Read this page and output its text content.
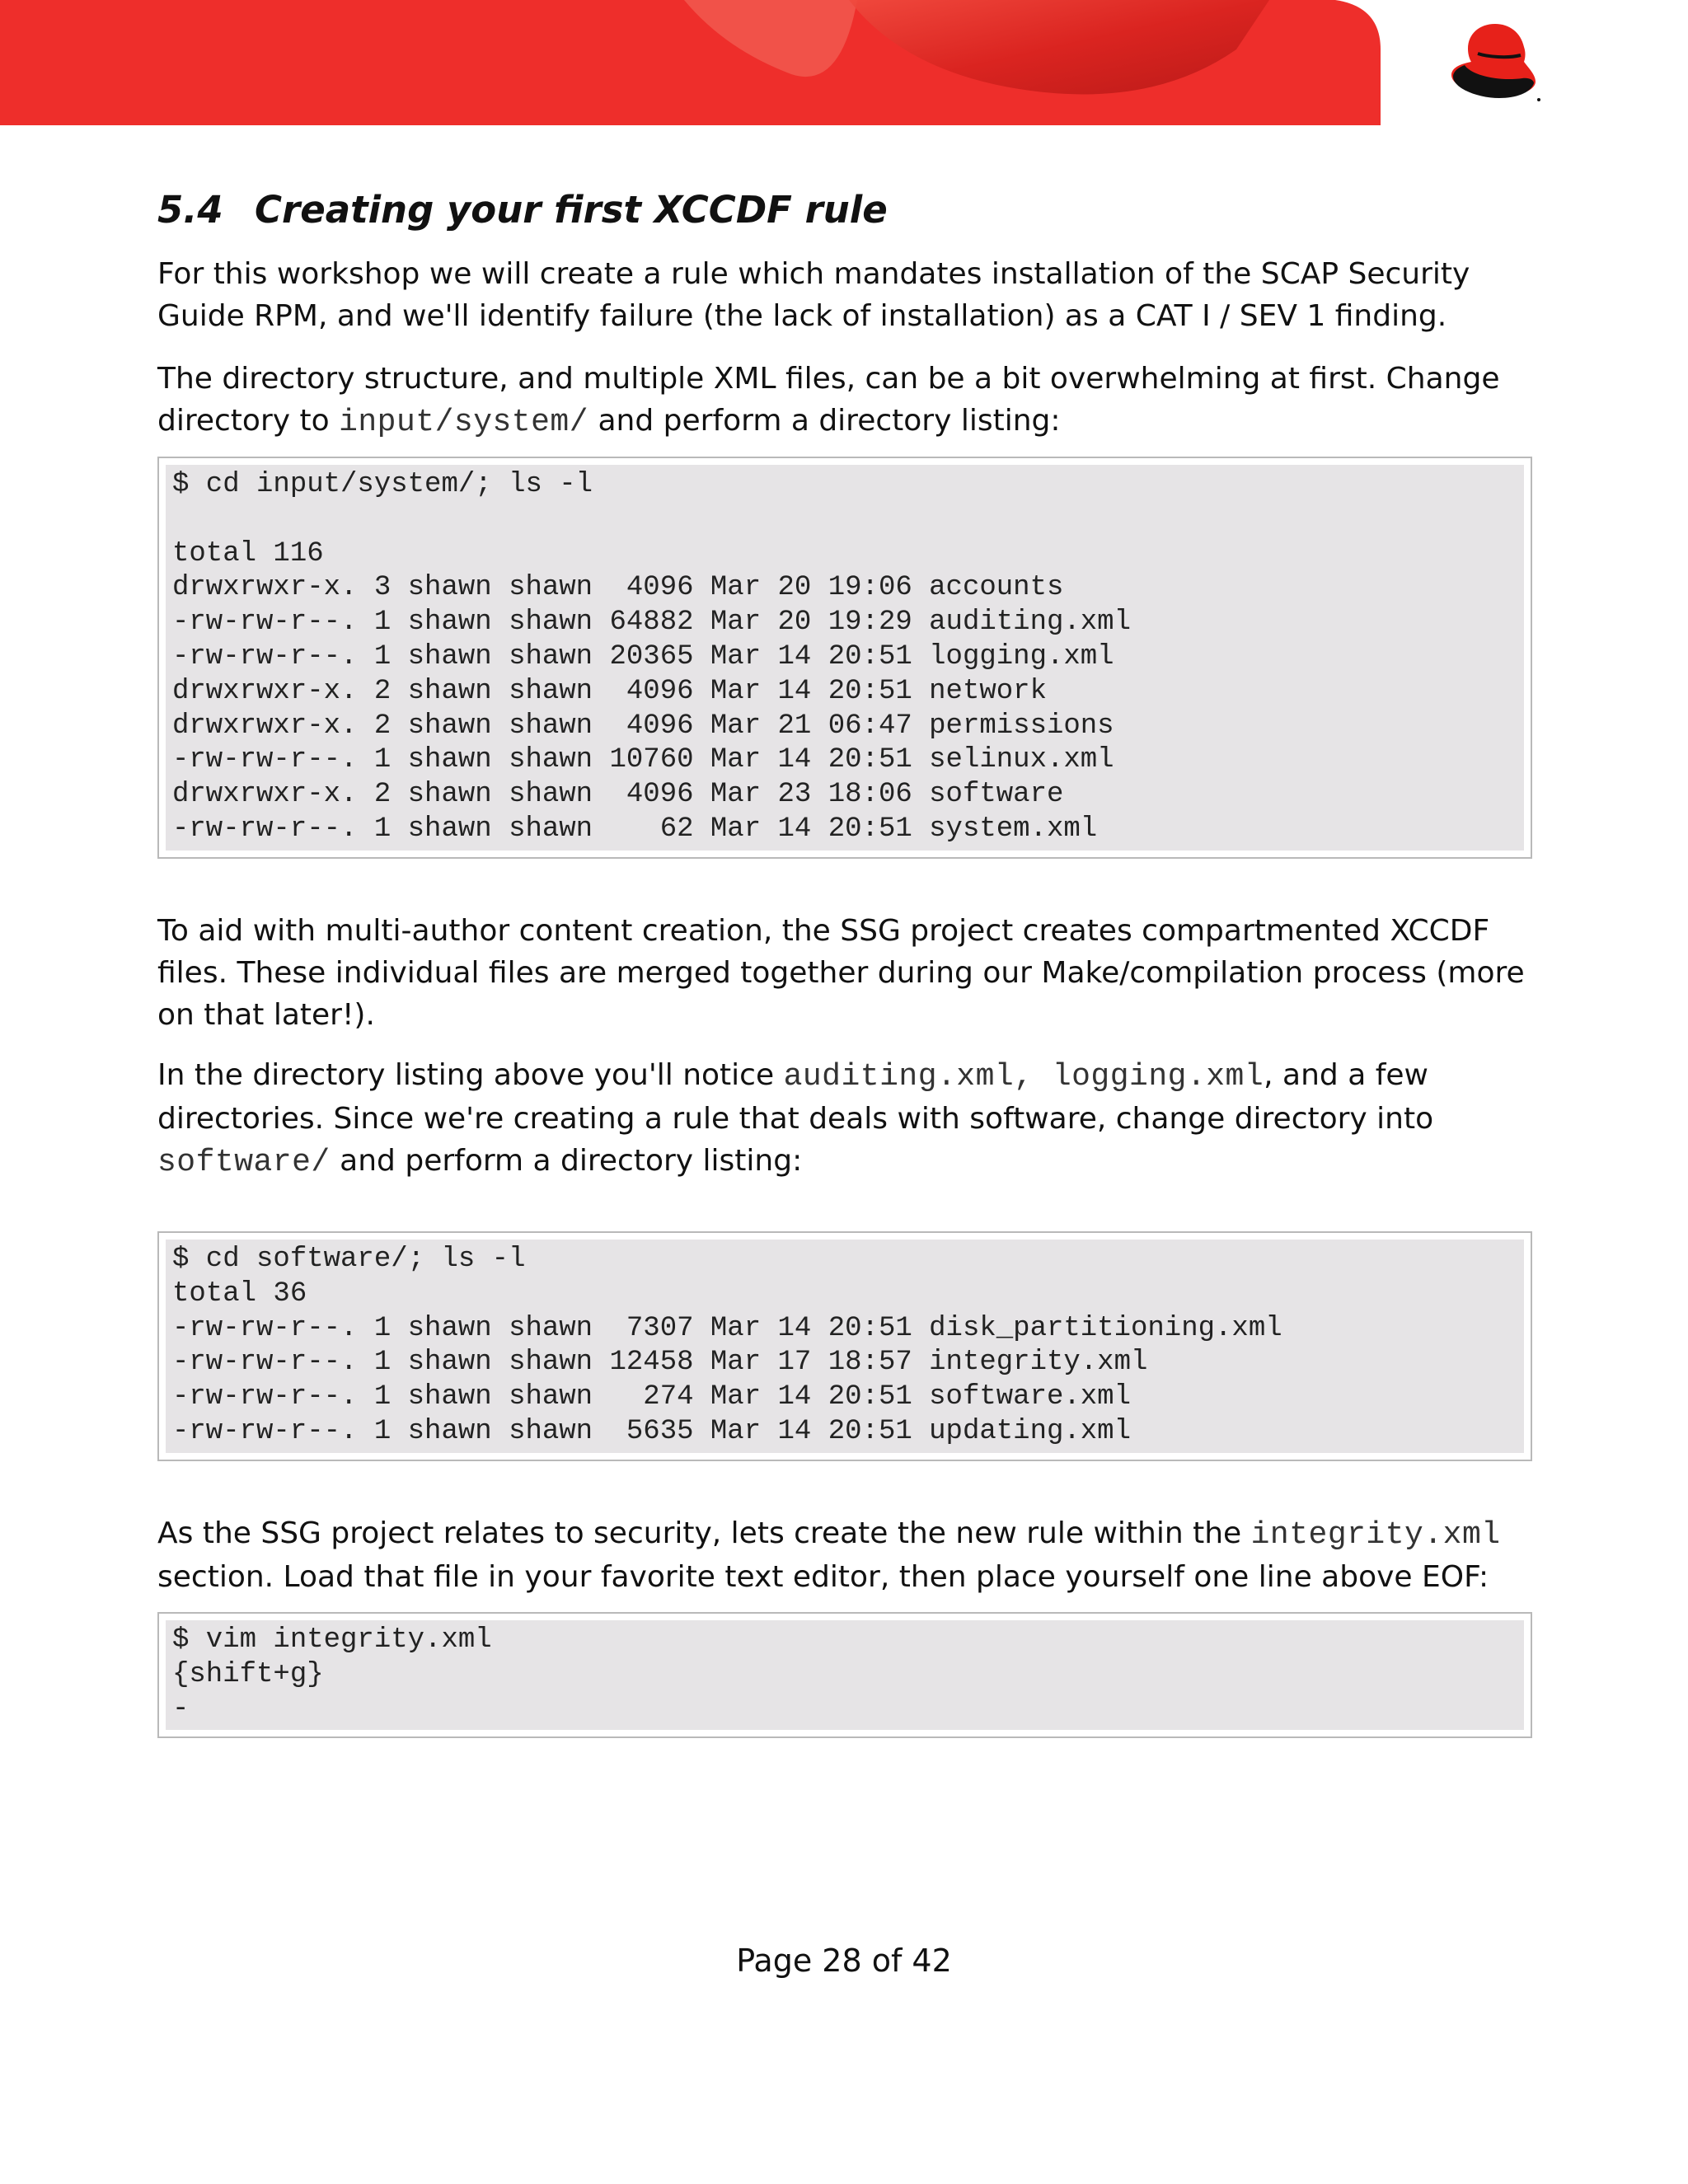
5.4 Creating your first XCCDF rule

For this workshop we will create a rule which mandates installation of the SCAP Security Guide RPM, and we'll identify failure (the lack of installation) as a CAT I / SEV 1 finding.

The directory structure, and multiple XML files, can be a bit overwhelming at first. Change directory to input/system/ and perform a directory listing:

$ cd input/system/; ls -l

total 116
drwxrwxr-x. 3 shawn shawn  4096 Mar 20 19:06 accounts
-rw-rw-r--. 1 shawn shawn 64882 Mar 20 19:29 auditing.xml
-rw-rw-r--. 1 shawn shawn 20365 Mar 14 20:51 logging.xml
drwxrwxr-x. 2 shawn shawn  4096 Mar 14 20:51 network
drwxrwxr-x. 2 shawn shawn  4096 Mar 21 06:47 permissions
-rw-rw-r--. 1 shawn shawn 10760 Mar 14 20:51 selinux.xml
drwxrwxr-x. 2 shawn shawn  4096 Mar 23 18:06 software
-rw-rw-r--. 1 shawn shawn    62 Mar 14 20:51 system.xml

To aid with multi-author content creation, the SSG project creates compartmented XCCDF files. These individual files are merged together during our Make/compilation process (more on that later!).

In the directory listing above you'll notice auditing.xml, logging.xml, and a few directories. Since we're creating a rule that deals with software, change directory into software/ and perform a directory listing:

$ cd software/; ls -l
total 36
-rw-rw-r--. 1 shawn shawn  7307 Mar 14 20:51 disk_partitioning.xml
-rw-rw-r--. 1 shawn shawn 12458 Mar 17 18:57 integrity.xml
-rw-rw-r--. 1 shawn shawn   274 Mar 14 20:51 software.xml
-rw-rw-r--. 1 shawn shawn  5635 Mar 14 20:51 updating.xml

As the SSG project relates to security, lets create the new rule within the integrity.xml section. Load that file in your favorite text editor, then place yourself one line above EOF:

$ vim integrity.xml
{shift+g}
-
Page 28 of 42
